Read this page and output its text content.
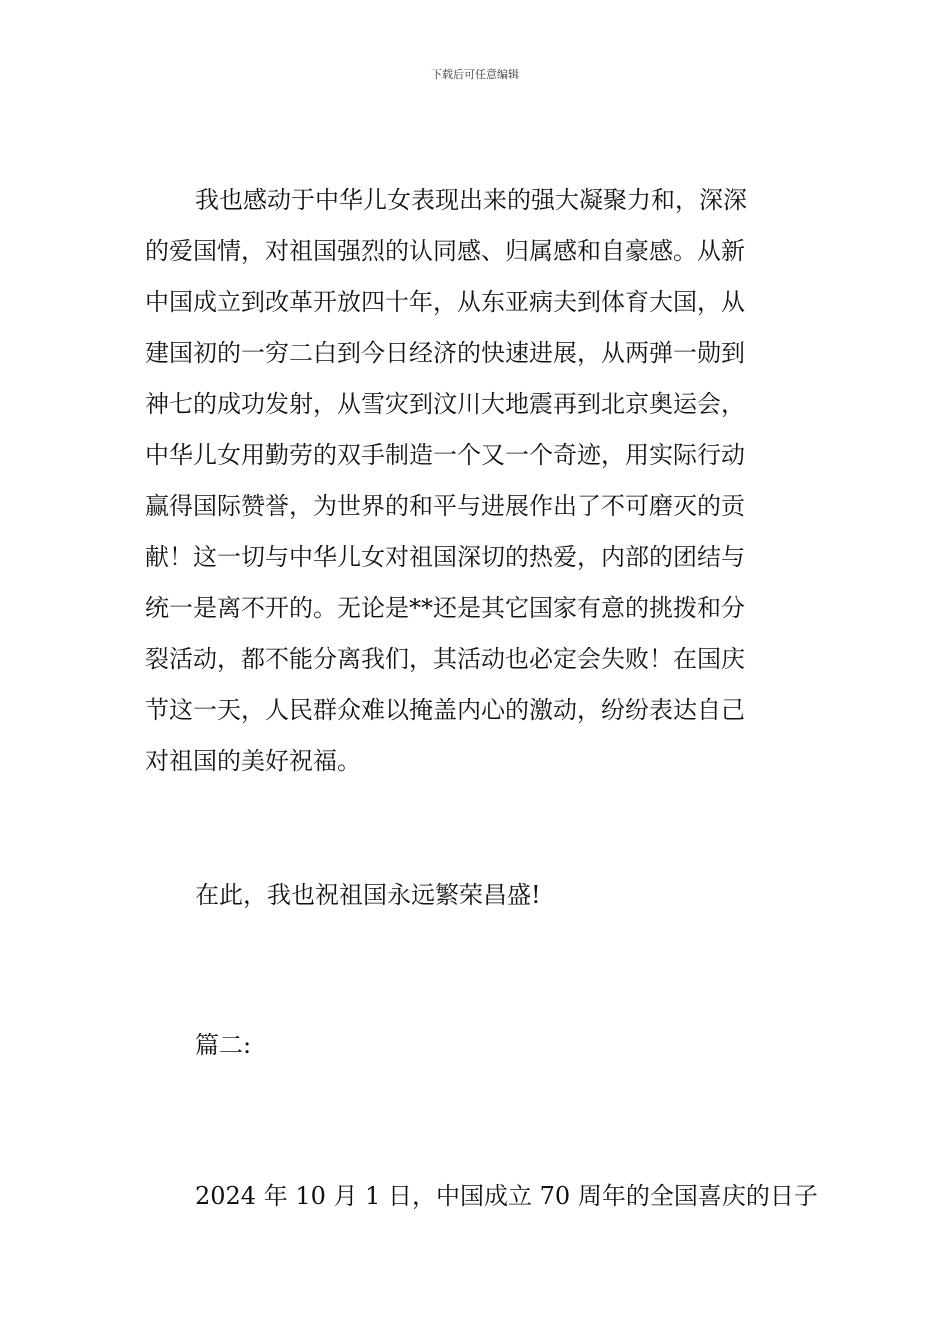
下载后可任意编辑
我也感动于中华儿女表现出来的强大凝聚力和，深深
的爱国情，对祖国强烈的认同感、归属感和自豪感。从新
中国成立到改革开放四十年，从东亚病夫到体育大国，从
建国初的一穷二白到今日经济的快速进展，从两弹一勋到
神七的成功发射，从雪灾到汶川大地震再到北京奥运会，
中华儿女用勤劳的双手制造一个又一个奇迹，用实际行动
赢得国际赞誉，为世界的和平与进展作出了不可磨灭的贡
献！这一切与中华儿女对祖国深切的热爱，内部的团结与
统一是离不开的。无论是**还是其它国家有意的挑拨和分
裂活动，都不能分离我们，其活动也必定会失败！在国庆
节这一天，人民群众难以掩盖内心的激动，纷纷表达自己
对祖国的美好祝福。
在此，我也祝祖国永远繁荣昌盛!
篇二:
2024 年 10 月 1 日，中国成立 70 周年的全国喜庆的日子
